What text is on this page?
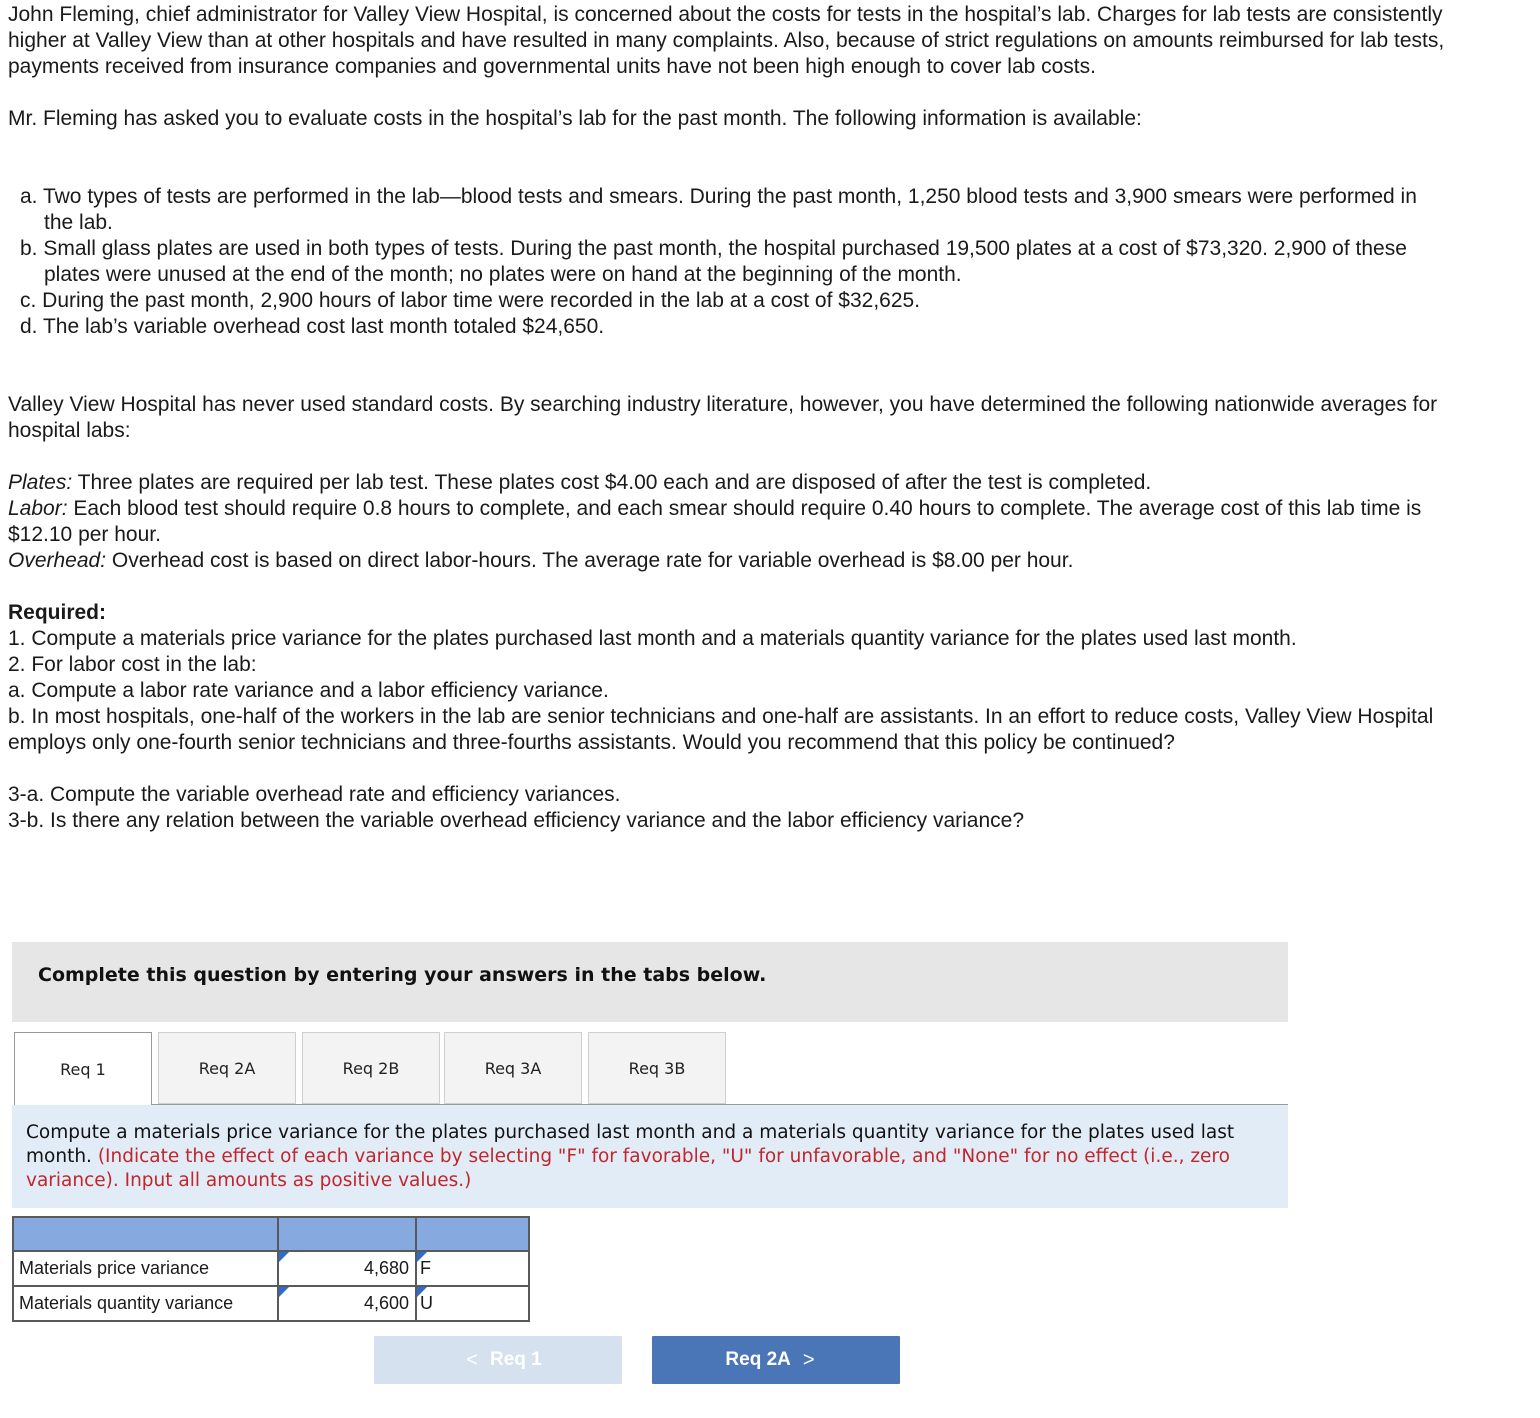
John Fleming, chief administrator for Valley View Hospital, is concerned about the costs for tests in the hospital’s lab. Charges for lab tests are consistently higher at Valley View than at other hospitals and have resulted in many complaints. Also, because of strict regulations on amounts reimbursed for lab tests, payments received from insurance companies and governmental units have not been high enough to cover lab costs.

Mr. Fleming has asked you to evaluate costs in the hospital’s lab for the past month. The following information is available:

a. Two types of tests are performed in the lab—blood tests and smears. During the past month, 1,250 blood tests and 3,900 smears were performed in the lab.
b. Small glass plates are used in both types of tests. During the past month, the hospital purchased 19,500 plates at a cost of $73,320. 2,900 of these plates were unused at the end of the month; no plates were on hand at the beginning of the month.
c. During the past month, 2,900 hours of labor time were recorded in the lab at a cost of $32,625.
d. The lab’s variable overhead cost last month totaled $24,650.

Valley View Hospital has never used standard costs. By searching industry literature, however, you have determined the following nationwide averages for hospital labs:

Plates: Three plates are required per lab test. These plates cost $4.00 each and are disposed of after the test is completed.

Labor: Each blood test should require 0.8 hours to complete, and each smear should require 0.40 hours to complete. The average cost of this lab time is $12.10 per hour.

Overhead: Overhead cost is based on direct labor-hours. The average rate for variable overhead is $8.00 per hour.

Required:

1. Compute a materials price variance for the plates purchased last month and a materials quantity variance for the plates used last month.

2. For labor cost in the lab:

a. Compute a labor rate variance and a labor efficiency variance.

b. In most hospitals, one-half of the workers in the lab are senior technicians and one-half are assistants. In an effort to reduce costs, Valley View Hospital employs only one-fourth senior technicians and three-fourths assistants. Would you recommend that this policy be continued?

3-a. Compute the variable overhead rate and efficiency variances.

3-b. Is there any relation between the variable overhead efficiency variance and the labor efficiency variance?

Complete this question by entering your answers in the tabs below.
Req 1	Req 2A	Req 2B	Req 3A	Req 3B
Compute a materials price variance for the plates purchased last month and a materials quantity variance for the plates used last month. (Indicate the effect of each variance by selecting "F" for favorable, "U" for unfavorable, and "None" for no effect (i.e., zero variance). Input all amounts as positive values.)

Materials price variance	4,680	F

Materials quantity variance	4,600	U
< Req 1	Req 2A >
